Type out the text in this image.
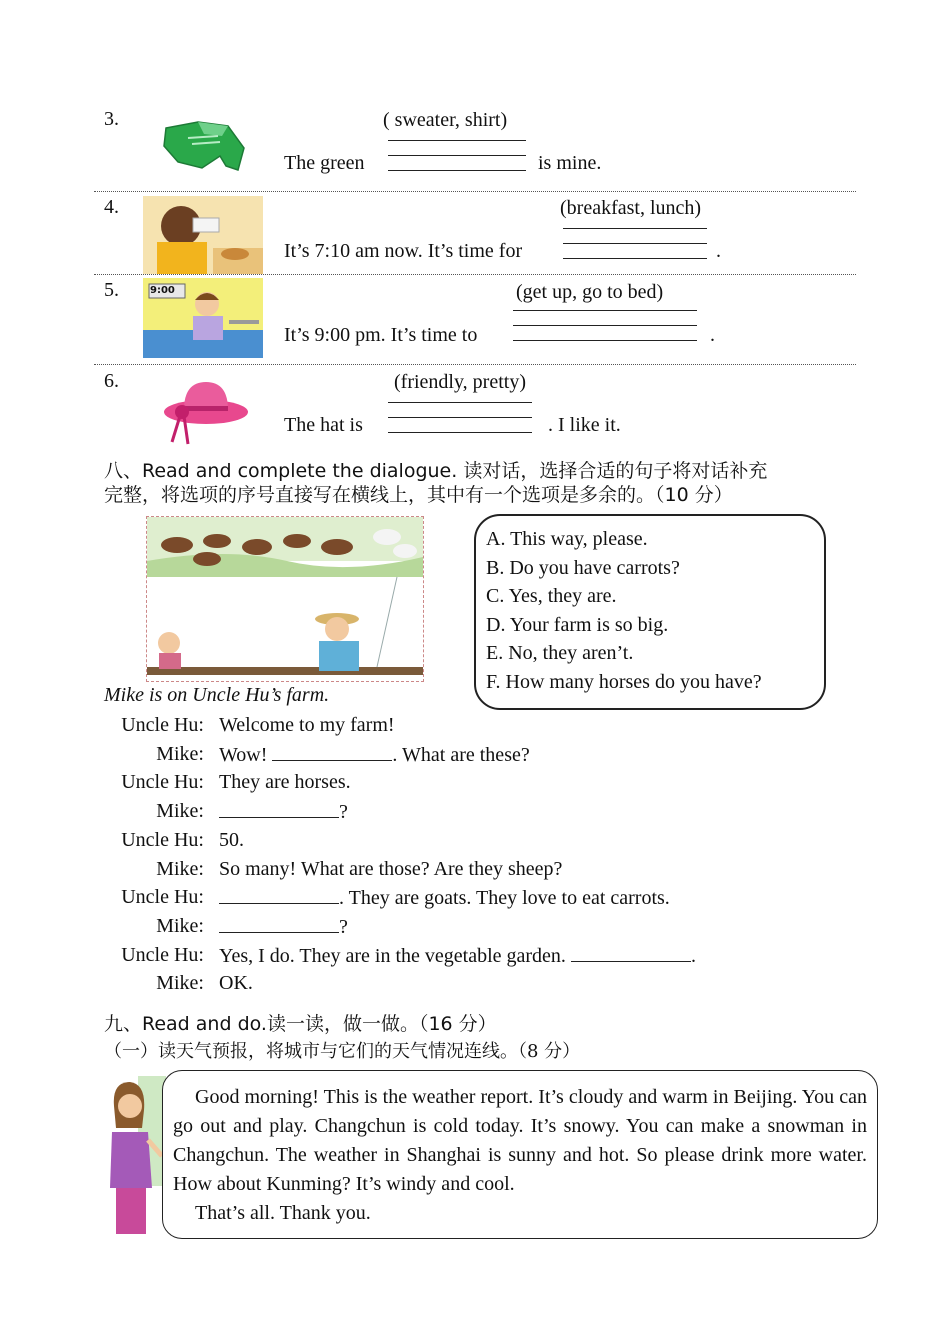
3.	( sweater, shirt)
The green	is mine.
4.	(breakfast, lunch)
It’s 7:10 am now. It’s time for	.
5.	9:00	(get up, go to bed)
It’s 9:00 pm. It’s time to	.
6.	(friendly, pretty)
The hat is	. I like it.
八、Read and complete the dialogue. 读对话，选择合适的句子将对话补充
完整，将选项的序号直接写在横线上，其中有一个选项是多余的。（10 分）
A. This way, please.
B. Do you have carrots?
C. Yes, they are.
D. Your farm is so big.
E. No, they aren’t.
F. How many horses do you have?
Mike is on Uncle Hu’s farm.
Uncle Hu: Welcome to my farm!
Mike: Wow!	. What are these?
Uncle Hu: They are horses.
Mike:	?
Uncle Hu: 50.
Mike: So many! What are those? Are they sheep?
Uncle Hu:	. They are goats. They love to eat carrots.
Mike:	?
Uncle Hu: Yes, I do. They are in the vegetable garden.	.
Mike: OK.
九、Read and do.读一读，做一做。（16 分）
（一）读天气预报，将城市与它们的天气情况连线。（8 分）
Good morning! This is the weather report. It’s cloudy and warm in Beijing. You can go out and play. Changchun is cold today. It’s snowy. You can make a snowman in Changchun. The weather in Shanghai is sunny and hot. So please drink more water. How about Kunming? It’s windy and cool.
That’s all. Thank you.
